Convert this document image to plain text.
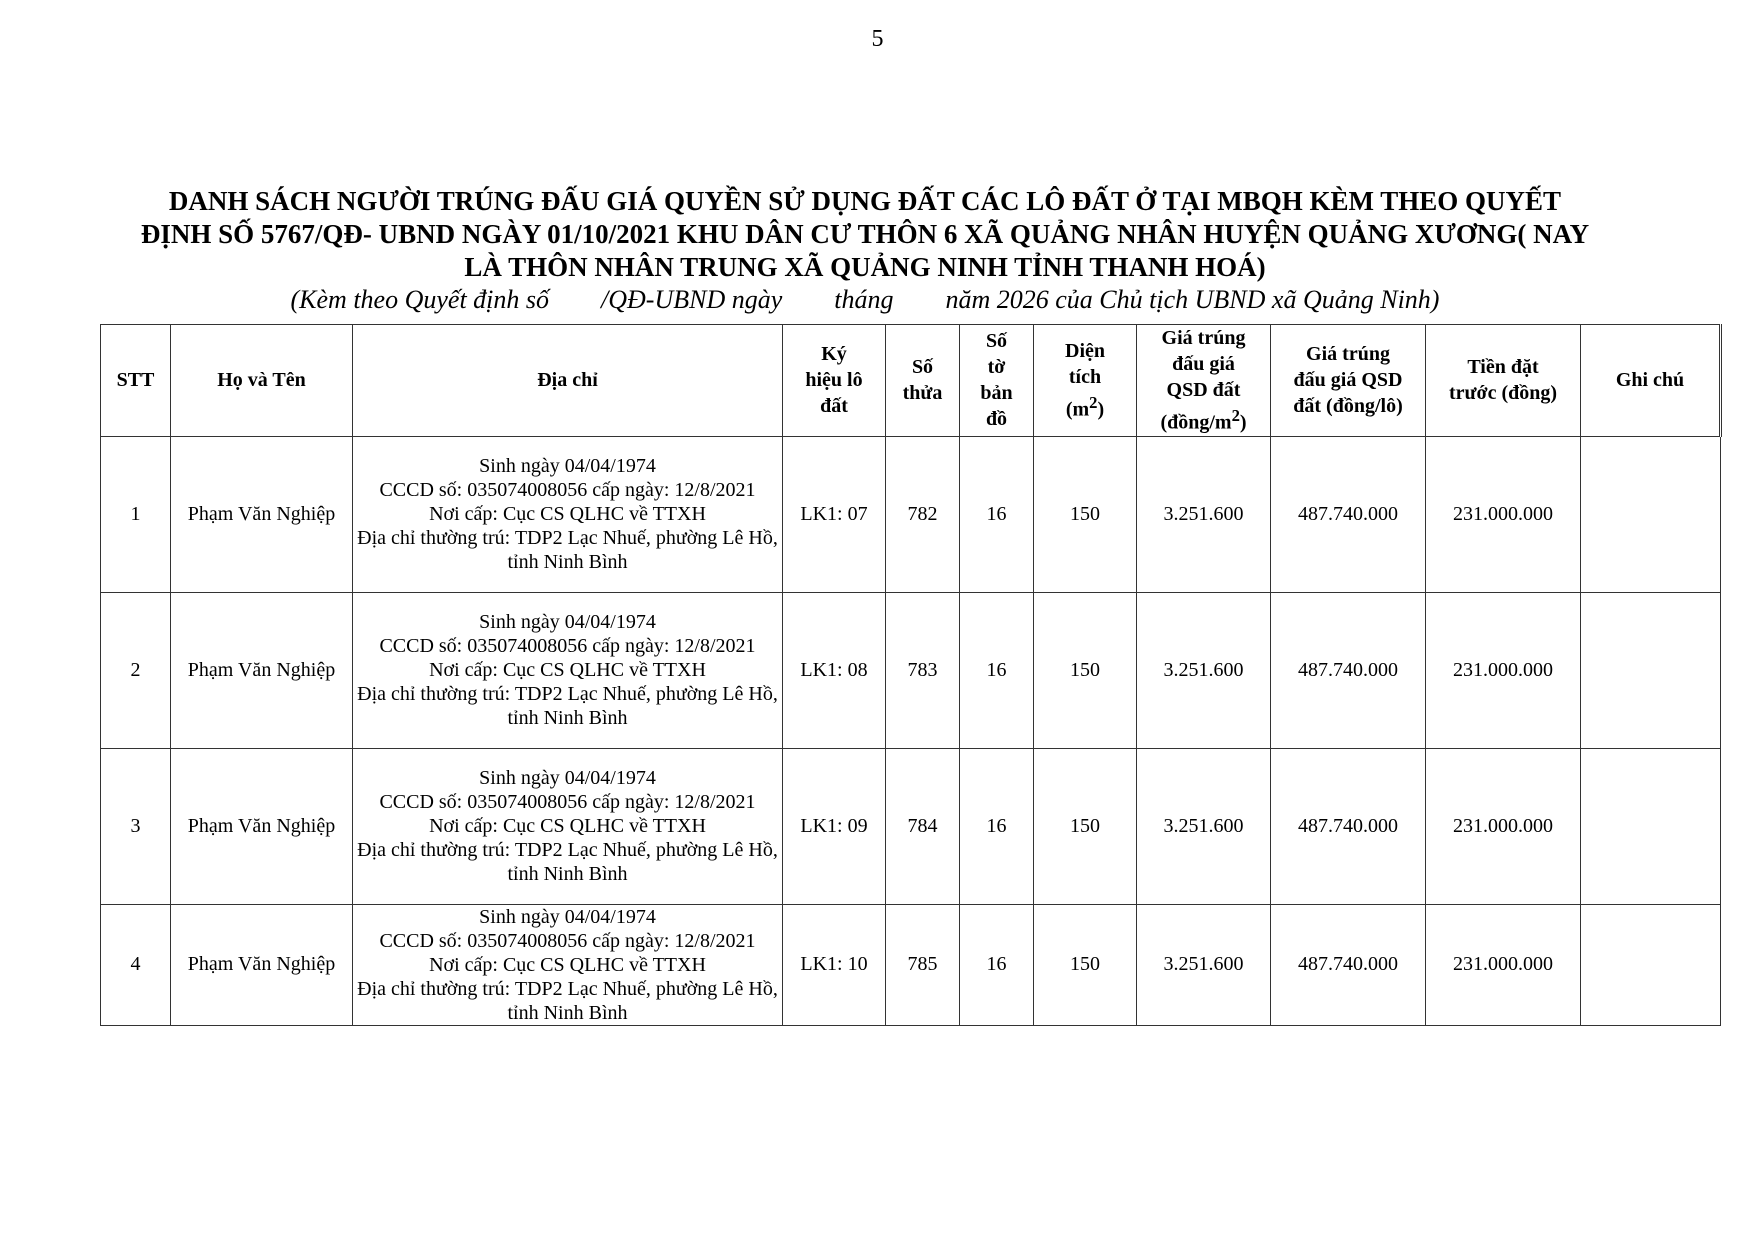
5
DANH SÁCH NGƯỜI TRÚNG ĐẤU GIÁ QUYỀN SỬ DỤNG ĐẤT CÁC LÔ ĐẤT Ở TẠI MBQH KÈM THEO QUYẾT
ĐỊNH SỐ 5767/QĐ- UBND NGÀY 01/10/2021 KHU DÂN CƯ THÔN 6 XÃ QUẢNG NHÂN HUYỆN QUẢNG XƯƠNG( NAY
LÀ THÔN NHÂN TRUNG XÃ QUẢNG NINH TỈNH THANH HOÁ)
(Kèm theo Quyết định số        /QĐ-UBND ngày        tháng        năm 2026 của Chủ tịch UBND xã Quảng Ninh)
STT	Họ và Tên	Địa chỉ	Ký
hiệu lô
đất	Số
thửa	Số
tờ
bản
đồ	Diện
tích
$(m^2)$	Giá trúng
đấu giá
QSD đất
$(đồng/m^2)$	Giá trúng
đấu giá QSD
đất (đồng/lô)	Tiền đặt
trước (đồng)	Ghi chú
1	Phạm Văn Nghiệp	Sinh ngày 04/04/1974
CCCD số: 035074008056 cấp ngày: 12/8/2021
Nơi cấp: Cục CS QLHC về TTXH
Địa chỉ thường trú: TDP2 Lạc Nhuế, phường Lê Hồ, tỉnh Ninh Bình	LK1: 07	782	16	150	3.251.600	487.740.000	231.000.000	
2	Phạm Văn Nghiệp	Sinh ngày 04/04/1974
CCCD số: 035074008056 cấp ngày: 12/8/2021
Nơi cấp: Cục CS QLHC về TTXH
Địa chỉ thường trú: TDP2 Lạc Nhuế, phường Lê Hồ, tỉnh Ninh Bình	LK1: 08	783	16	150	3.251.600	487.740.000	231.000.000	
3	Phạm Văn Nghiệp	Sinh ngày 04/04/1974
CCCD số: 035074008056 cấp ngày: 12/8/2021
Nơi cấp: Cục CS QLHC về TTXH
Địa chỉ thường trú: TDP2 Lạc Nhuế, phường Lê Hồ, tỉnh Ninh Bình	LK1: 09	784	16	150	3.251.600	487.740.000	231.000.000	
4	Phạm Văn Nghiệp	Sinh ngày 04/04/1974
CCCD số: 035074008056 cấp ngày: 12/8/2021
Nơi cấp: Cục CS QLHC về TTXH
Địa chỉ thường trú: TDP2 Lạc Nhuế, phường Lê Hồ, tỉnh Ninh Bình	LK1: 10	785	16	150	3.251.600	487.740.000	231.000.000	
